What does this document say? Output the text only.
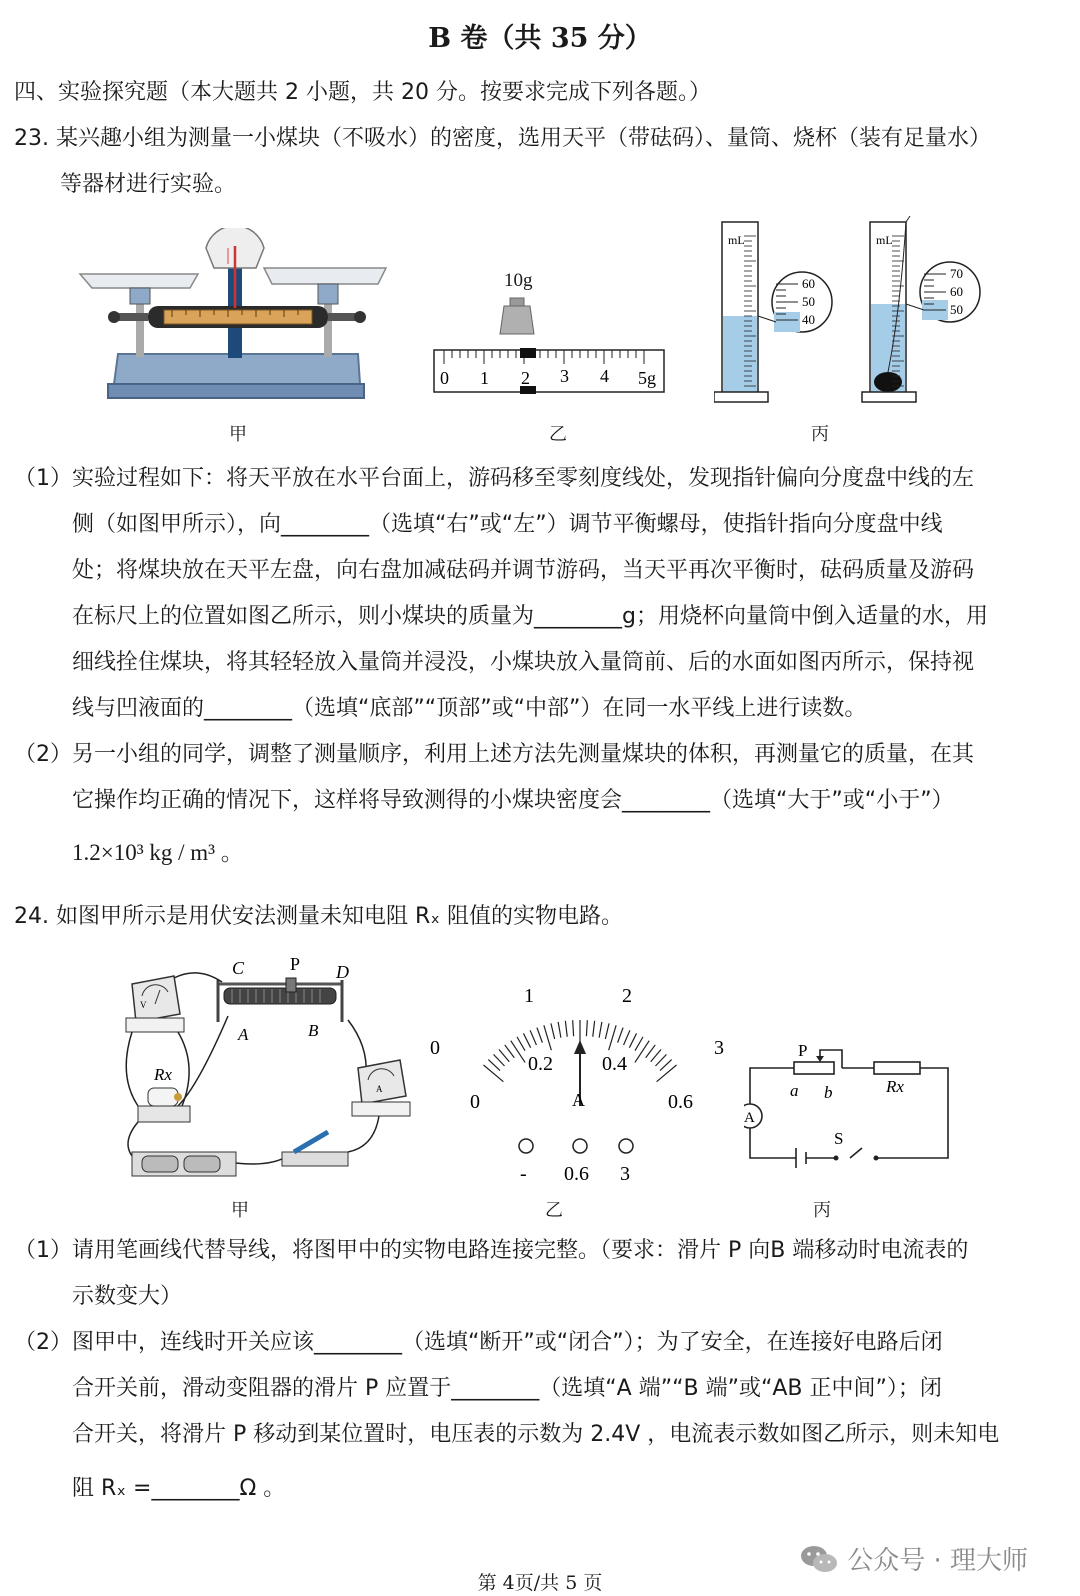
B 卷（共 35 分）
四、实验探究题（本大题共 2 小题，共 20 分。按要求完成下列各题。）
23. 某兴趣小组为测量一小煤块（不吸水）的密度，选用天平（带砝码）、量筒、烧杯（装有足量水）
等器材进行实验。
甲
10g
0 1 2 3 4 5g
乙
mL
60
50
40
mL
70
60
50
丙
（1）实验过程如下：将天平放在水平台面上，游码移至零刻度线处，发现指针偏向分度盘中线的左
侧（如图甲所示），向________（选填“右”或“左”）调节平衡螺母，使指针指向分度盘中线
处；将煤块放在天平左盘，向右盘加减砝码并调节游码，当天平再次平衡时，砝码质量及游码
在标尺上的位置如图乙所示，则小煤块的质量为________g；用烧杯向量筒中倒入适量的水，用
细线拴住煤块，将其轻轻放入量筒并浸没，小煤块放入量筒前、后的水面如图丙所示，保持视
线与凹液面的________（选填“底部”“顶部”或“中部”）在同一水平线上进行读数。
（2）另一小组的同学，调整了测量顺序，利用上述方法先测量煤块的体积，再测量它的质量，在其
它操作均正确的情况下，这样将导致测得的小煤块密度会________（选填“大于”或“小于”）
1.2×10³ kg / m³ 。
24. 如图甲所示是用伏安法测量未知电阻 Rₓ 阻值的实物电路。
V
C	P D
A	B
Rx
A
甲
0
1	2
3
0
0.2 0.4
0.6
A
- 0.6 3
乙
P
a b	Rx
A
S
丙
（1）请用笔画线代替导线，将图甲中的实物电路连接完整。（要求：滑片 P 向B 端移动时电流表的
示数变大）
（2）图甲中，连线时开关应该________（选填“断开”或“闭合”）；为了安全，在连接好电路后闭
合开关前，滑动变阻器的滑片 P 应置于________（选填“A 端”“B 端”或“AB 正中间”）；闭
合开关，将滑片 P 移动到某位置时，电压表的示数为 2.4V ，电流表示数如图乙所示，则未知电
阻 Rₓ =________Ω 。
公众号 · 理大师
第 4页/共 5 页
